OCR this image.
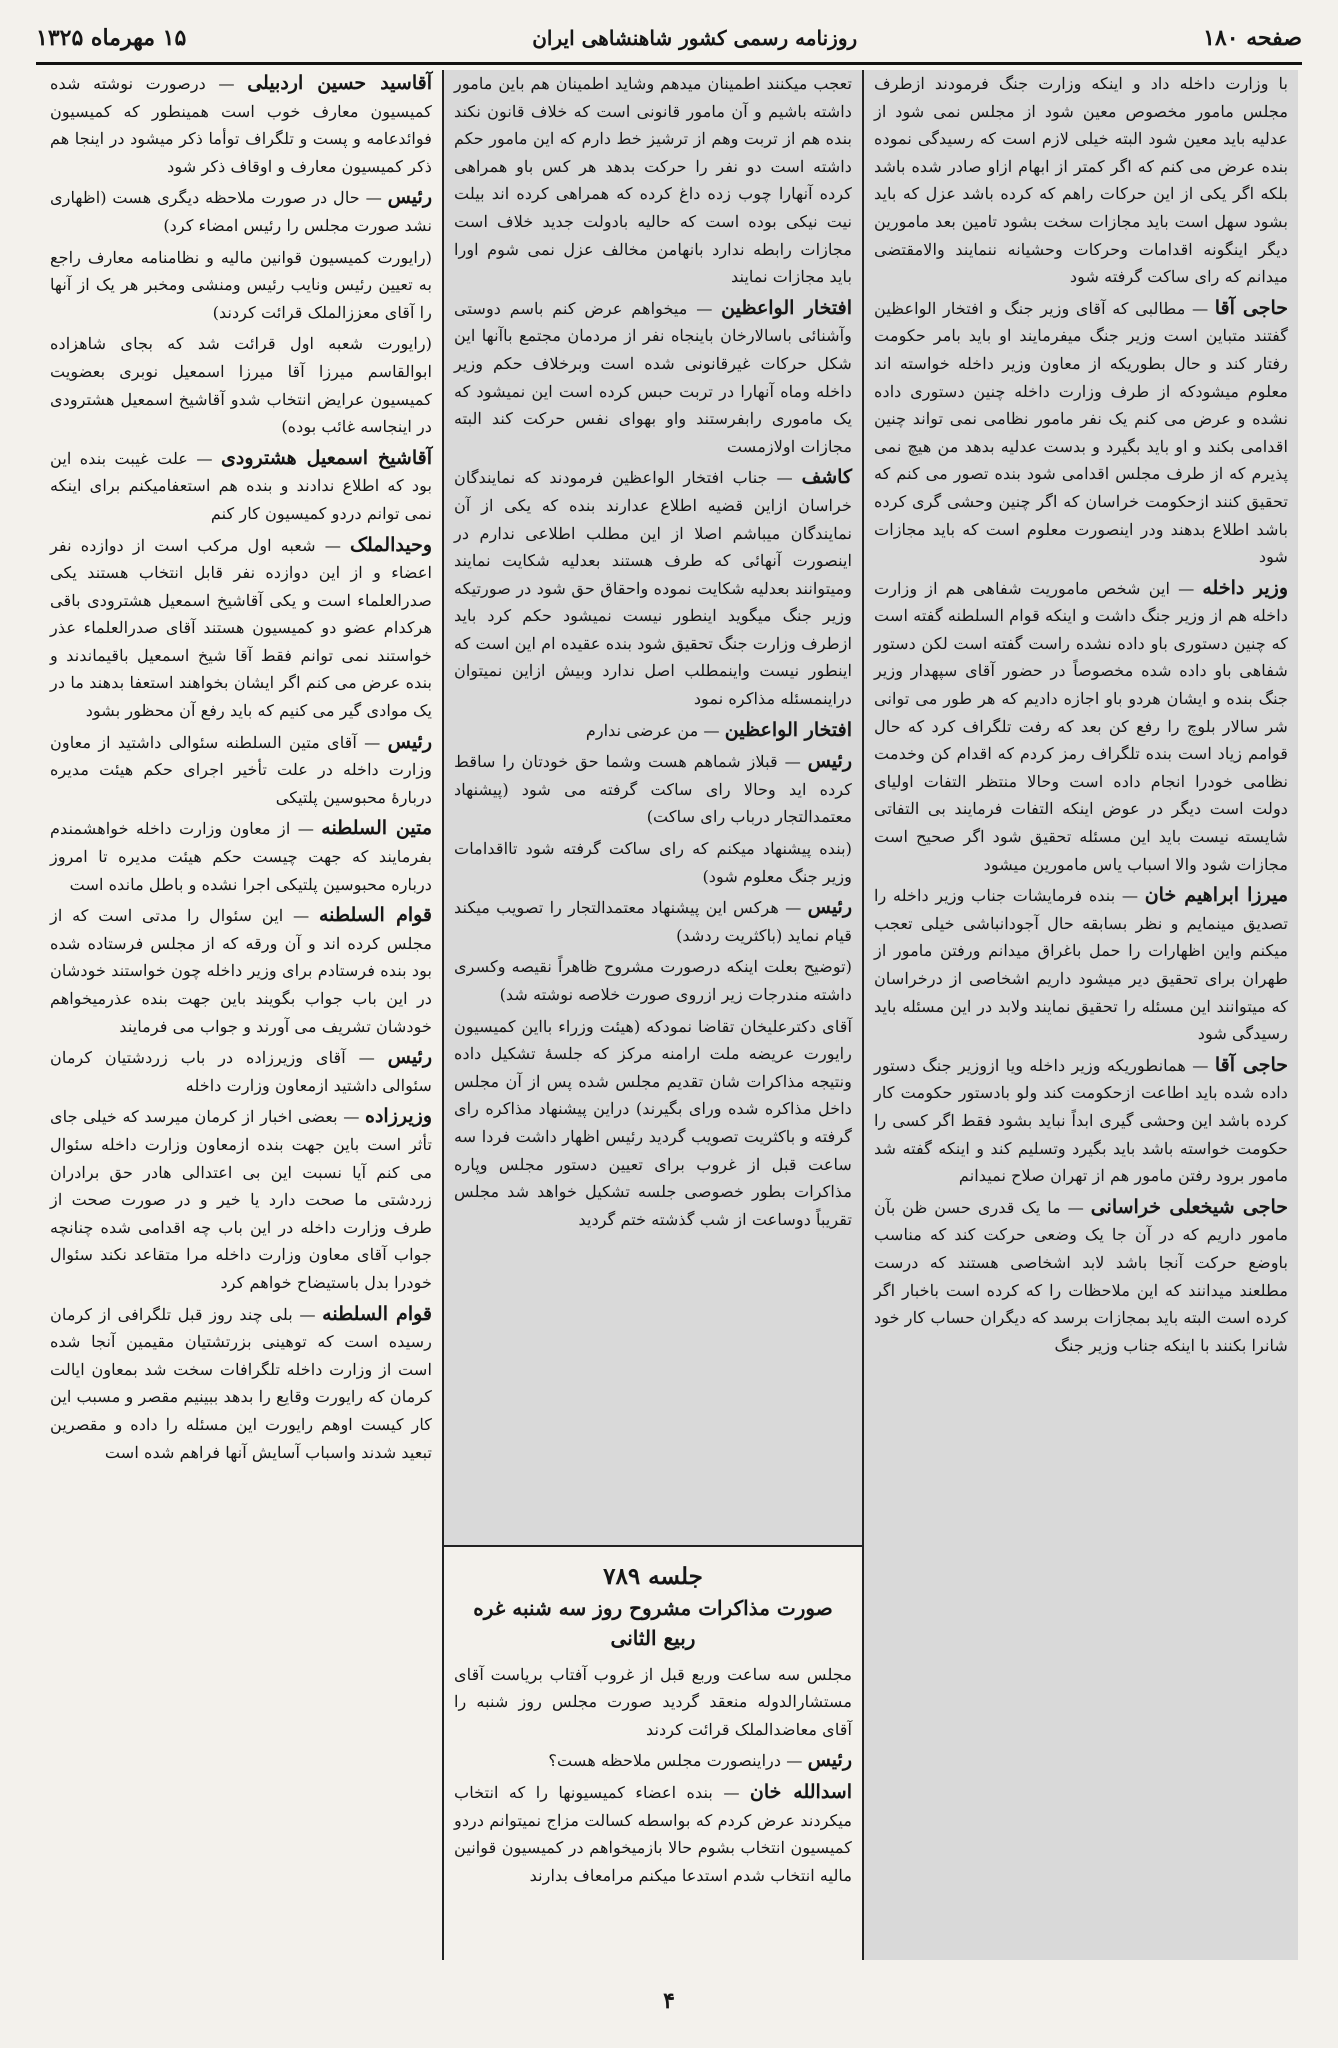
صفحه ۱۸۰
روزنامه رسمی کشور شاهنشاهی ایران
۱۵ مهرماه ۱۳۲۵

با وزارت داخله داد و اینکه وزارت جنگ فرمودند ازطرف مجلس مامور مخصوص معین شود از مجلس نمی شود از عدلیه باید معین شود البته خیلی لازم است که رسیدگی نموده بنده عرض می کنم که اگر کمتر از ابهام ازاو صادر شده باشد بلکه اگر یکی از این حرکات راهم که کرده باشد عزل که باید بشود سهل است باید مجازات سخت بشود تامین بعد مامورین دیگر اینگونه اقدامات وحرکات وحشیانه ننمایند والامقتضی میدانم که رای ساکت گرفته شود

حاجی آقا — مطالبی که آقای وزیر جنگ و افتخار الواعظین گفتند متباین است وزیر جنگ میفرمایند او باید بامر حکومت رفتار کند و حال بطوریکه از معاون وزیر داخله خواسته اند معلوم میشودکه از طرف وزارت داخله چنین دستوری داده نشده و عرض می کنم یک نفر مامور نظامی نمی تواند چنین اقدامی بکند و او باید بگیرد و بدست عدلیه بدهد من هیچ نمی پذیرم که از طرف مجلس اقدامی شود بنده تصور می کنم که تحقیق کنند ازحکومت خراسان که اگر چنین وحشی گری کرده باشد اطلاع بدهند ودر اینصورت معلوم است که باید مجازات شود

وزیر داخله — این شخص ماموریت شفاهی هم از وزارت داخله هم از وزیر جنگ داشت و اینکه قوام السلطنه گفته است که چنین دستوری باو داده نشده راست گفته است لکن دستور شفاهی باو داده شده مخصوصاً در حضور آقای سپهدار وزیر جنگ بنده و ایشان هردو باو اجازه دادیم که هر طور می توانی شر سالار بلوچ را رفع کن بعد که رفت تلگراف کرد که حال قوامم زیاد است بنده تلگراف رمز کردم که اقدام کن وخدمت نظامی خودرا انجام داده است وحالا منتظر التفات اولیای دولت است دیگر در عوض اینکه التفات فرمایند بی التفاتی شایسته نیست باید این مسئله تحقیق شود اگر صحیح است مجازات شود والا اسباب یاس مامورین میشود

میرزا ابراهیم خان — بنده فرمایشات جناب وزیر داخله را تصدیق مینمایم و نظر بسابقه حال آجودانباشی خیلی تعجب میکنم واین اظهارات را حمل باغراق میدانم ورفتن مامور از طهران برای تحقیق دیر میشود داریم اشخاصی از درخراسان که میتوانند این مسئله را تحقیق نمایند ولابد در این مسئله باید رسیدگی شود

حاجی آقا — همانطوریکه وزیر داخله ویا ازوزیر جنگ دستور داده شده باید اطاعت ازحکومت کند ولو بادستور حکومت کار کرده باشد این وحشی گیری ابداً نباید بشود فقط اگر کسی را حکومت خواسته باشد باید بگیرد وتسلیم کند و اینکه گفته شد مامور برود رفتن مامور هم از تهران صلاح نمیدانم

حاجی شیخعلی خراسانی — ما یک قدری حسن ظن بآن مامور داریم که در آن جا یک وضعی حرکت کند که مناسب باوضع حرکت آنجا باشد لابد اشخاصی هستند که درست مطلعند میدانند که این ملاحظات را که کرده است باخبار اگر کرده است البته باید بمجازات برسد که دیگران حساب کار خود شانرا بکنند با اینکه جناب وزیر جنگ

تعجب میکنند اطمینان میدهم وشاید اطمینان هم باین مامور داشته باشیم و آن مامور قانونی است که خلاف قانون نکند بنده هم از تربت وهم از ترشیز خط دارم که این مامور حکم داشته است دو نفر را حرکت بدهد هر کس باو همراهی کرده آنهارا چوب زده داغ کرده که همراهی کرده اند بیلت نیت نیکی بوده است که حالیه بادولت جدید خلاف است مجازات رابطه ندارد بانهامن مخالف عزل نمی شوم اورا باید مجازات نمایند

افتخار الواعظین — میخواهم عرض کنم باسم دوستی وآشنائی باسالارخان باینجاه نفر از مردمان مجتمع باآنها این شکل حرکات غیرقانونی شده است وبرخلاف حکم وزیر داخله وماه آنهارا در تربت حبس کرده است این نمیشود که یک ماموری رابفرستند واو بهوای نفس حرکت کند البته مجازات اولازمست

کاشف — جناب افتخار الواعظین فرمودند که نمایندگان خراسان ازاین قضیه اطلاع عدارند بنده که یکی از آن نمایندگان میباشم اصلا از این مطلب اطلاعی ندارم در اینصورت آنهائی که طرف هستند بعدلیه شکایت نمایند ومیتوانند بعدلیه شکایت نموده واحقاق حق شود در صورتیکه وزیر جنگ میگوید اینطور نیست نمیشود حکم کرد باید ازطرف وزارت جنگ تحقیق شود بنده عقیده ام این است که اینطور نیست واینمطلب اصل ندارد وبیش ازاین نمیتوان دراینمسئله مذاکره نمود

افتخار الواعظین — من عرضی ندارم

رئیس — قبلاز شماهم هست وشما حق خودتان را ساقط کرده اید وحالا رای ساکت گرفته می شود (پیشنهاد معتمدالتجار درباب رای ساکت)

(بنده پیشنهاد میکنم که رای ساکت گرفته شود تااقدامات وزیر جنگ معلوم شود)

رئیس — هرکس این پیشنهاد معتمدالتجار را تصویب میکند قیام نماید (باکثریت ردشد)

(توضیح بعلت اینکه درصورت مشروح ظاهراً نقیصه وکسری داشته مندرجات زیر ازروی صورت خلاصه نوشته شد)

آقای دکترعلیخان تقاضا نمودکه (هیئت وزراء بااین کمیسیون رایورت عریضه ملت ارامنه مرکز که جلسهٔ تشکیل داده ونتیجه مذاکرات شان تقدیم مجلس شده پس از آن مجلس داخل مذاکره شده ورای بگیرند) دراین پیشنهاد مذاکره رای گرفته و باکثریت تصویب گردید رئیس اظهار داشت فردا سه ساعت قبل از غروب برای تعیین دستور مجلس وپاره مذاکرات بطور خصوصی جلسه تشکیل خواهد شد مجلس تقریباً دوساعت از شب گذشته ختم گردید

جلسه ۷۸۹
صورت مذاکرات مشروح روز سه شنبه غره ربیع الثانی

مجلس سه ساعت وربع قبل از غروب آفتاب بریاست آقای مستشارالدوله منعقد گردید صورت مجلس روز شنبه را آقای معاضدالملک قرائت کردند

رئیس — دراینصورت مجلس ملاحظه هست؟

اسدالله خان — بنده اعضاء کمیسیونها را که انتخاب میکردند عرض کردم که بواسطه کسالت مزاج نمیتوانم دردو کمیسیون انتخاب بشوم حالا بازمیخواهم در کمیسیون قوانین مالیه انتخاب شدم استدعا میکنم مرامعاف بدارند

آقاسید حسین اردبیلی — درصورت نوشته شده کمیسیون معارف خوب است همینطور که کمیسیون فوائدعامه و پست و تلگراف توأما ذکر میشود در اینجا هم ذکر کمیسیون معارف و اوقاف ذکر شود

رئیس — حال در صورت ملاحظه دیگری هست (اظهاری نشد صورت مجلس را رئیس امضاء کرد)

(رایورت کمیسیون قوانین مالیه و نظامنامه معارف راجع به تعیین رئیس ونایب رئیس ومنشی ومخبر هر یک از آنها را آقای معززالملک قرائت کردند)

(رایورت شعبه اول قرائت شد که بجای شاهزاده ابوالقاسم میرزا آقا میرزا اسمعیل نوبری بعضویت کمیسیون عرایض انتخاب شدو آقاشیخ اسمعیل هشترودی در اینجاسه غائب بوده)

آقاشیخ اسمعیل هشترودی — علت غیبت بنده این بود که اطلاع ندادند و بنده هم استعفامیکنم برای اینکه نمی توانم دردو کمیسیون کار کنم

وحیدالملک — شعبه اول مرکب است از دوازده نفر اعضاء و از این دوازده نفر قابل انتخاب هستند یکی صدرالعلماء است و یکی آقاشیخ اسمعیل هشترودی باقی هرکدام عضو دو کمیسیون هستند آقای صدرالعلماء عذر خواستند نمی توانم فقط آقا شیخ اسمعیل باقیماندند و بنده عرض می کنم اگر ایشان بخواهند استعفا بدهند ما در یک موادی گیر می کنیم که باید رفع آن محظور بشود

رئیس — آقای متین السلطنه سئوالی داشتید از معاون وزارت داخله در علت تأخیر اجرای حکم هیئت مدیره دربارهٔ محبوسین پلتیکی

متین السلطنه — از معاون وزارت داخله خواهشمندم بفرمایند که جهت چیست حکم هیئت مدیره تا امروز درباره محبوسین پلتیکی اجرا نشده و باطل مانده است

قوام السلطنه — این سئوال را مدتی است که از مجلس کرده اند و آن ورقه که از مجلس فرستاده شده بود بنده فرستادم برای وزیر داخله چون خواستند خودشان در این باب جواب بگویند باین جهت بنده عذرمیخواهم خودشان تشریف می آورند و جواب می فرمایند

رئیس — آقای وزیرزاده در باب زردشتیان کرمان سئوالی داشتید ازمعاون وزارت داخله

وزیرزاده — بعضی اخبار از کرمان میرسد که خیلی جای تأثر است باین جهت بنده ازمعاون وزارت داخله سئوال می کنم آیا نسبت این بی اعتدالی هادر حق برادران زردشتی ما صحت دارد یا خیر و در صورت صحت از طرف وزارت داخله در این باب چه اقدامی شده چنانچه جواب آقای معاون وزارت داخله مرا متقاعد نکند سئوال خودرا بدل باستیضاح خواهم کرد

قوام السلطنه — بلی چند روز قبل تلگرافی از کرمان رسیده است که توهینی بزرتشتیان مقیمین آنجا شده است از وزارت داخله تلگرافات سخت شد بمعاون ایالت کرمان که رایورت وقایع را بدهد ببینیم مقصر و مسبب این کار کیست اوهم رایورت این مسئله را داده و مقصرین تبعید شدند واسباب آسایش آنها فراهم شده است

۴
